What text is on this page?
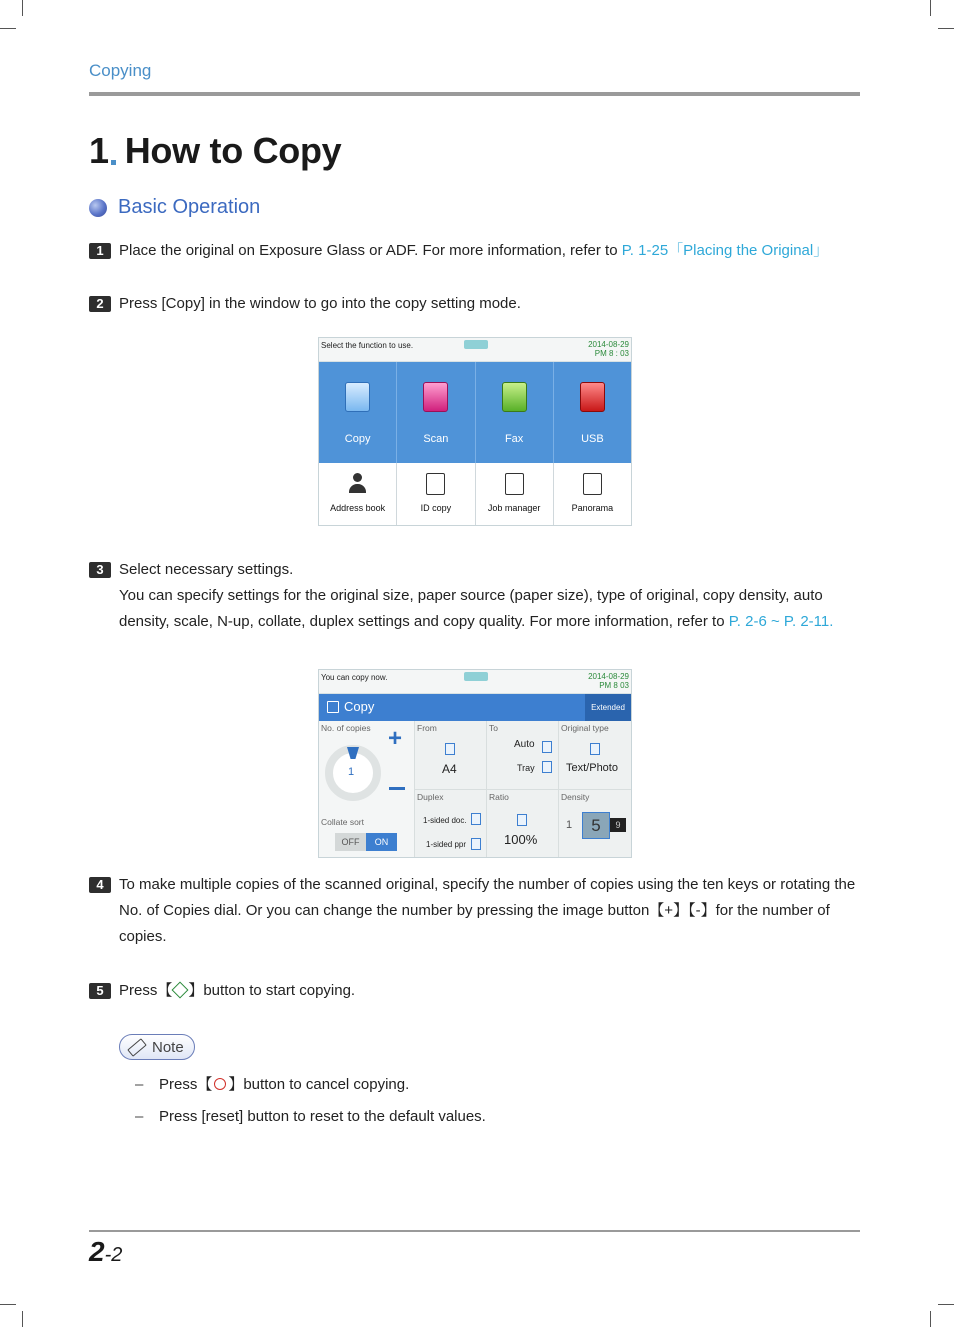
Copying
1 How to Copy
Basic Operation
1	Place the original on Exposure Glass or ADF. For more information, refer to P. 1-25「Placing the Original」
2	Press [Copy] in the window to go into the copy setting mode.
Select the function to use.	2014-08-29
PM 8 : 03
Copy	Scan	Fax	USB
Address book	ID copy	Job manager	Panorama
3	Select necessary settings.
You can specify settings for the original size, paper source (paper size), type of original, copy density, auto density, scale, N-up, collate, duplex settings and copy quality. For more information, refer to P. 2-6 ~ P. 2-11.
You can copy now.	2014-08-29
PM 8 03
Copy	Extended
No. of copies
1
+
Collate sort
OFF	ON
From
A4
To
Auto
Tray
Original type
Text/Photo
Duplex
1-sided doc.
1-sided ppr
Ratio
100%
Density
1	5	9
4	To make multiple copies of the scanned original, specify the number of copies using the ten keys or rotating the No. of Copies dial. Or you can change the number by pressing the image button【+】【-】for the number of copies.
5	Press【 】button to start copying.
Note
– Press【 】button to cancel copying.
– Press [reset] button to reset to the default values.
2-2
